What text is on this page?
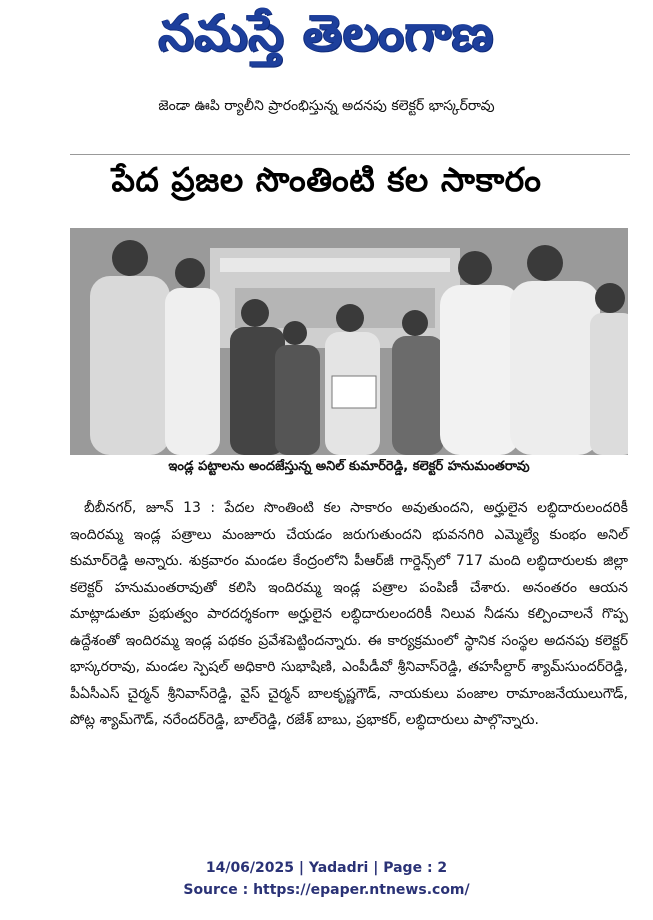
నమస్తే తెలంగాణ
జెండా ఊపి ర్యాలీని ప్రారంభిస్తున్న అదనపు కలెక్టర్ భాస్కర్‌రావు
పేద ప్రజల సొంతింటి కల సాకారం
ఇండ్ల పట్టాలను అందజేస్తున్న అనిల్ కుమార్‌రెడ్డి, కలెక్టర్ హనుమంతరావు

బీబీనగర్, జూన్ 13 : పేదల సొంతింటి కల సాకారం అవుతుందని, అర్హులైన లబ్ధిదారులందరికీ ఇందిరమ్మ ఇండ్ల పత్రాలు మంజూరు చేయడం జరుగుతుందని భువనగిరి ఎమ్మెల్యే కుంభం అనిల్ కుమార్‌రెడ్డి అన్నారు. శుక్రవారం మండల కేంద్రంలోని పీఆర్‌జీ గార్డెన్స్‌లో 717 మంది లబ్ధిదారులకు జిల్లా కలెక్టర్ హనుమంతరావుతో కలిసి ఇందిరమ్మ ఇండ్ల పత్రాల పంపిణీ చేశారు. అనంతరం ఆయన మాట్లాడుతూ ప్రభుత్వం పారదర్శకంగా అర్హులైన లబ్ధిదారులందరికీ నిలువ నీడను కల్పించాలనే గొప్ప ఉద్దేశంతో ఇందిరమ్మ ఇండ్ల పథకం ప్రవేశపెట్టిందన్నారు. ఈ కార్యక్రమంలో స్థానిక సంస్థల అదనపు కలెక్టర్ భాస్కరరావు, మండల స్పెషల్ అధికారి సుభాషిణి, ఎంపీడీవో శ్రీనివాస్‌రెడ్డి, తహసీల్దార్ శ్యామ్‌సుందర్‌రెడ్డి, పీఏసీఎస్ చైర్మన్ శ్రీనివాస్‌రెడ్డి, వైస్ చైర్మన్ బాలకృష్ణగౌడ్, నాయకులు పంజాల రామాంజనేయులుగౌడ్, పోట్ల శ్యామ్‌గౌడ్, నరేందర్‌రెడ్డి, బాల్‌రెడ్డి, రజేశ్ బాబు, ప్రభాకర్, లబ్ధిదారులు పాల్గొన్నారు.

14/06/2025 | Yadadri | Page : 2
Source : https://epaper.ntnews.com/
